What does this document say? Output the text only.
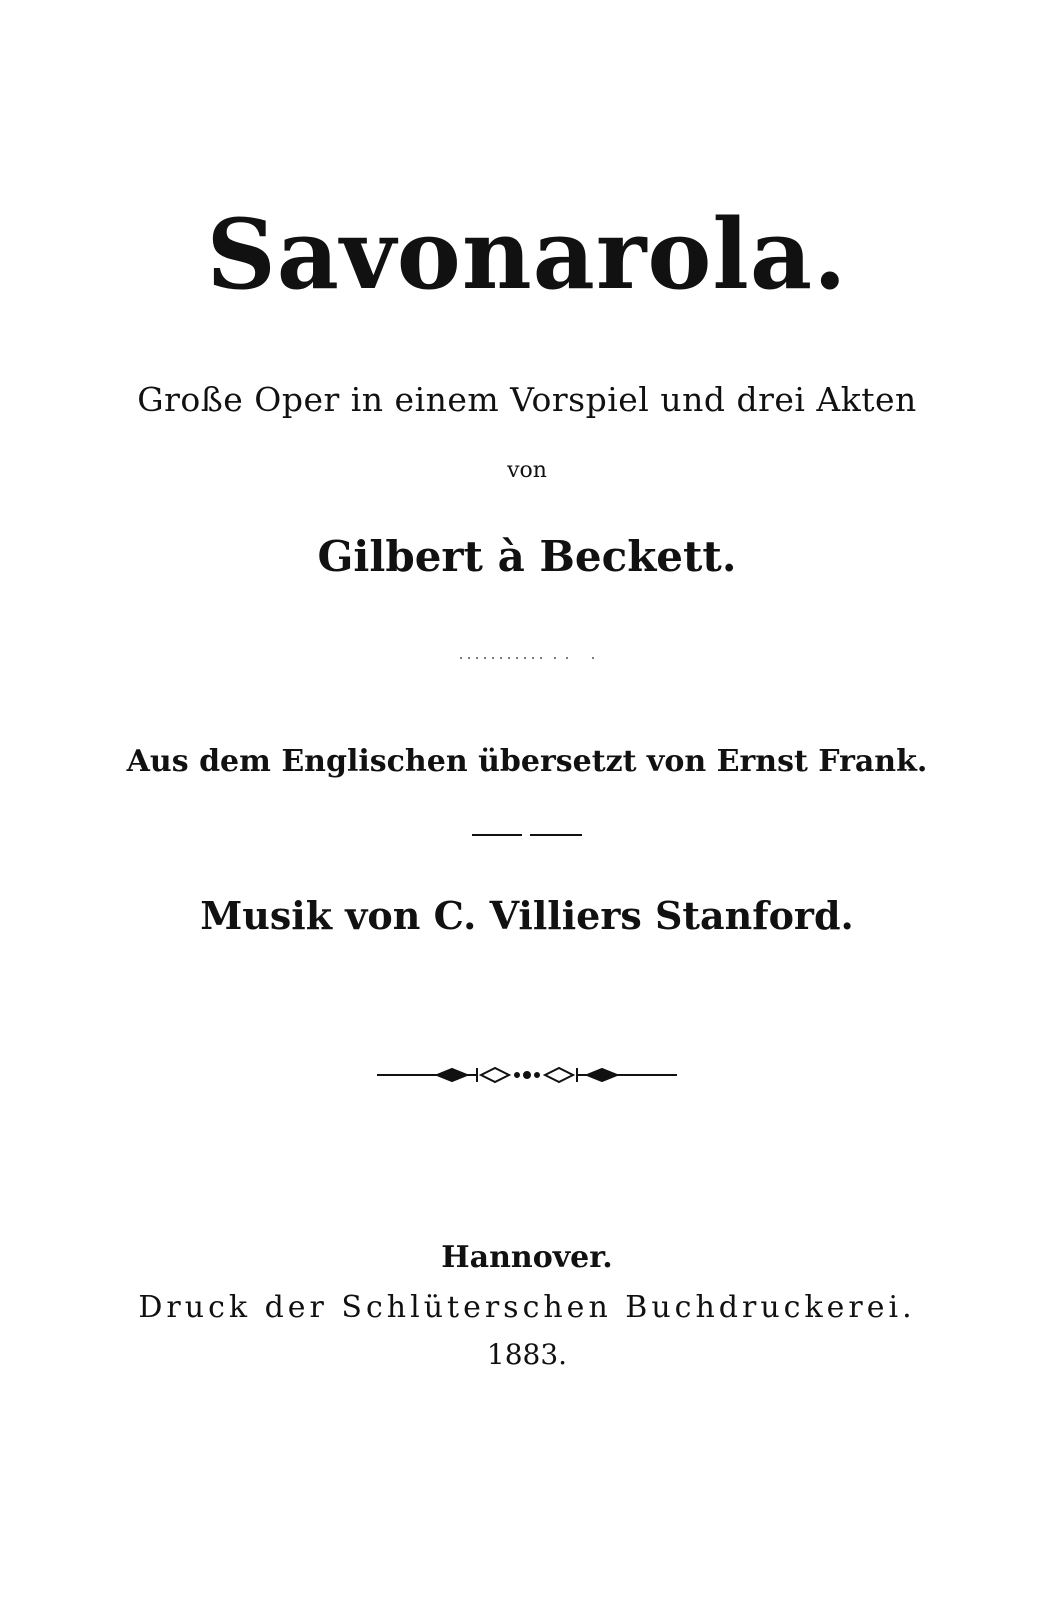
Savonarola.
Große Oper in einem Vorspiel und drei Akten
von
Gilbert à Beckett.
Aus dem Englischen übersetzt von Ernst Frank.
Musik von C. Villiers Stanford.
Hannover.
Druck der Schlüterschen Buchdruckerei.
1883.
